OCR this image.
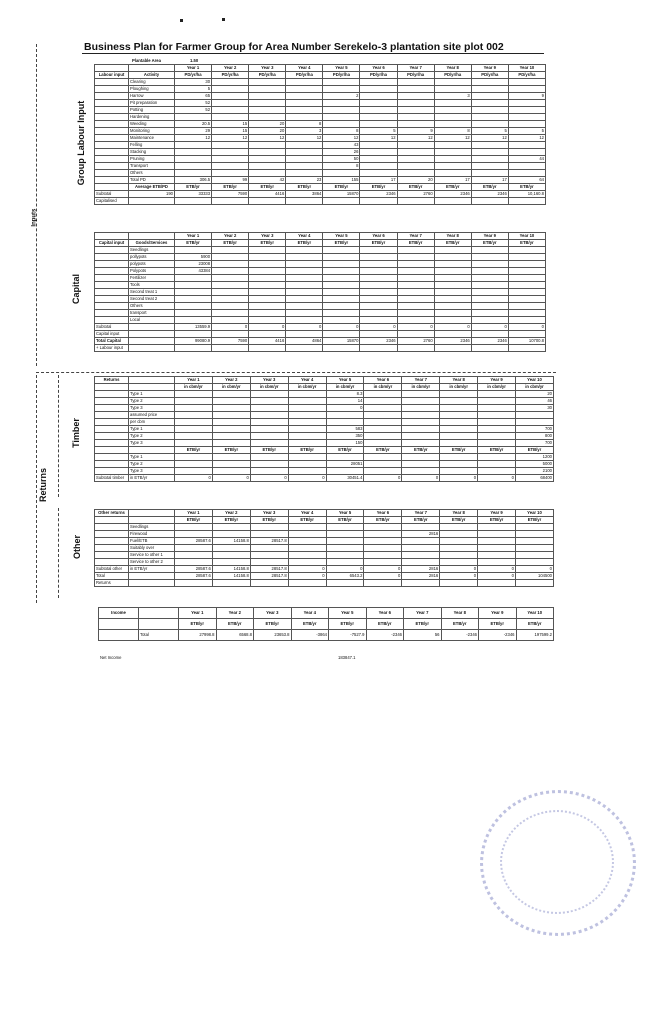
Business Plan for Farmer Group for Area Number Serekelo-3 plantation site plot 002
Plantable Area	1.50
Inputs
Returns
Group Labour Input
Capital
Timber
Other
		Year 1	Year 2	Year 3	Year 4	Year 5	Year 6	Year 7	Year 8	Year 9	Year 10
Labour input	Activity	PD/yr/ha	PD/yr/ha	PD/yr/ha	PD/yr/ha	PD/yr/ha	PD/yr/ha	PD/yr/ha	PD/yr/ha	PD/yr/ha	PD/yr/ha
	Clearing	30									
	Ploughing	5									
	Harrow	65				2			3		9
	Pit preparation	52									
	Potting	52									
	Hardening										
	Weeding	20.5	15	20	8						
	Monitoring	29	15	20	3	8	5	9	8	5	5
	Maintenance	12	12	12	12	12	12	12	12	12	12
	Felling					43					
	Stacking					26					
	Pruning					50					44
	Transport					8					
	Others										
	Total PD	306.5	99	42	23	155	17	20	17	17	64
	Average ETB/PD	ETB/yr	ETB/yr	ETB/yr	ETB/yr	ETB/yr	ETB/yr	ETB/yr	ETB/yr	ETB/yr	ETB/yr
Subtotal	190	33333	7590	4416	3864	15870	2346	2760	2346	2346	10,160.8
Capitalised											
		Year 1	Year 2	Year 3	Year 4	Year 5	Year 6	Year 7	Year 8	Year 9	Year 10
Capital input	Goods/Services	ETB/yr	ETB/yr	ETB/yr	ETB/yr	ETB/yr	ETB/yr	ETB/yr	ETB/yr	ETB/yr	ETB/yr
	Seedlings										
	pollypots	5900									
	polypots	23008									
	Polypots	43384									
	Fertilizer										
	Tools										
	Second treat 1										
	Second treat 2										
	Others										
	transport										
	Local										
Subtotal		13559.9	0	0	0	0	0	0	0	0	0
Capital input											
Total Capital		99080.9	7590	4416	4864	15870	2346	2760	2346	2346	10700.8
+ Labour input											
Returns		Year 1	Year 2	Year 3	Year 4	Year 5	Year 6	Year 7	Year 8	Year 9	Year 10
		in cbm/yr	in cbm/yr	in cbm/yr	in cbm/yr	in cbm/yr	in cbm/yr	in cbm/yr	in cbm/yr	in cbm/yr	in cbm/yr
	Type 1					8.3					20
	Type 2					14					46
	Type 3					0					30
	assumed price										
	per cbm										
	Type 1					583					700
	Type 2					350					800
	Type 3					150					700
		ETB/yr	ETB/yr	ETB/yr	ETB/yr	ETB/yr	ETB/yr	ETB/yr	ETB/yr	ETB/yr	ETB/yr
	Type 1										1200
	Type 2					28051					5000
	Type 3										2100
Subtotal timber	in ETB/yr	0	0	0	0	30451.4	0	0	0	0	68400
Other returns		Year 1	Year 2	Year 3	Year 4	Year 5	Year 6	Year 7	Year 8	Year 9	Year 10
		ETB/yr	ETB/yr	ETB/yr	ETB/yr	ETB/yr	ETB/yr	ETB/yr	ETB/yr	ETB/yr	ETB/yr
	Seedlings										
	Firewood							2816			
	Fuel/ETB	28587.6	14158.8	28517.8							
	Suitably over										
	Service to other 1										
	Service to other 2										
Subtotal other	in ETB/yr	28587.6	14158.8	28517.8	0	0	0	2816	0	0	0
Total		28587.6	14158.8	28517.8	0	6543.2	0	2816	0	0	104500
Returns											
Income		Year 1	Year 2	Year 3	Year 4	Year 5	Year 6	Year 7	Year 8	Year 9	Year 10
		ETB/yr	ETB/yr	ETB/yr	ETB/yr	ETB/yr	ETB/yr	ETB/yr	ETB/yr	ETB/yr	ETB/yr
	Total	27998.8	6568.8	23653.8	-3864	-7527.9	-2346	56	-2346	-2346	197599.2
Net Income	183847.1
